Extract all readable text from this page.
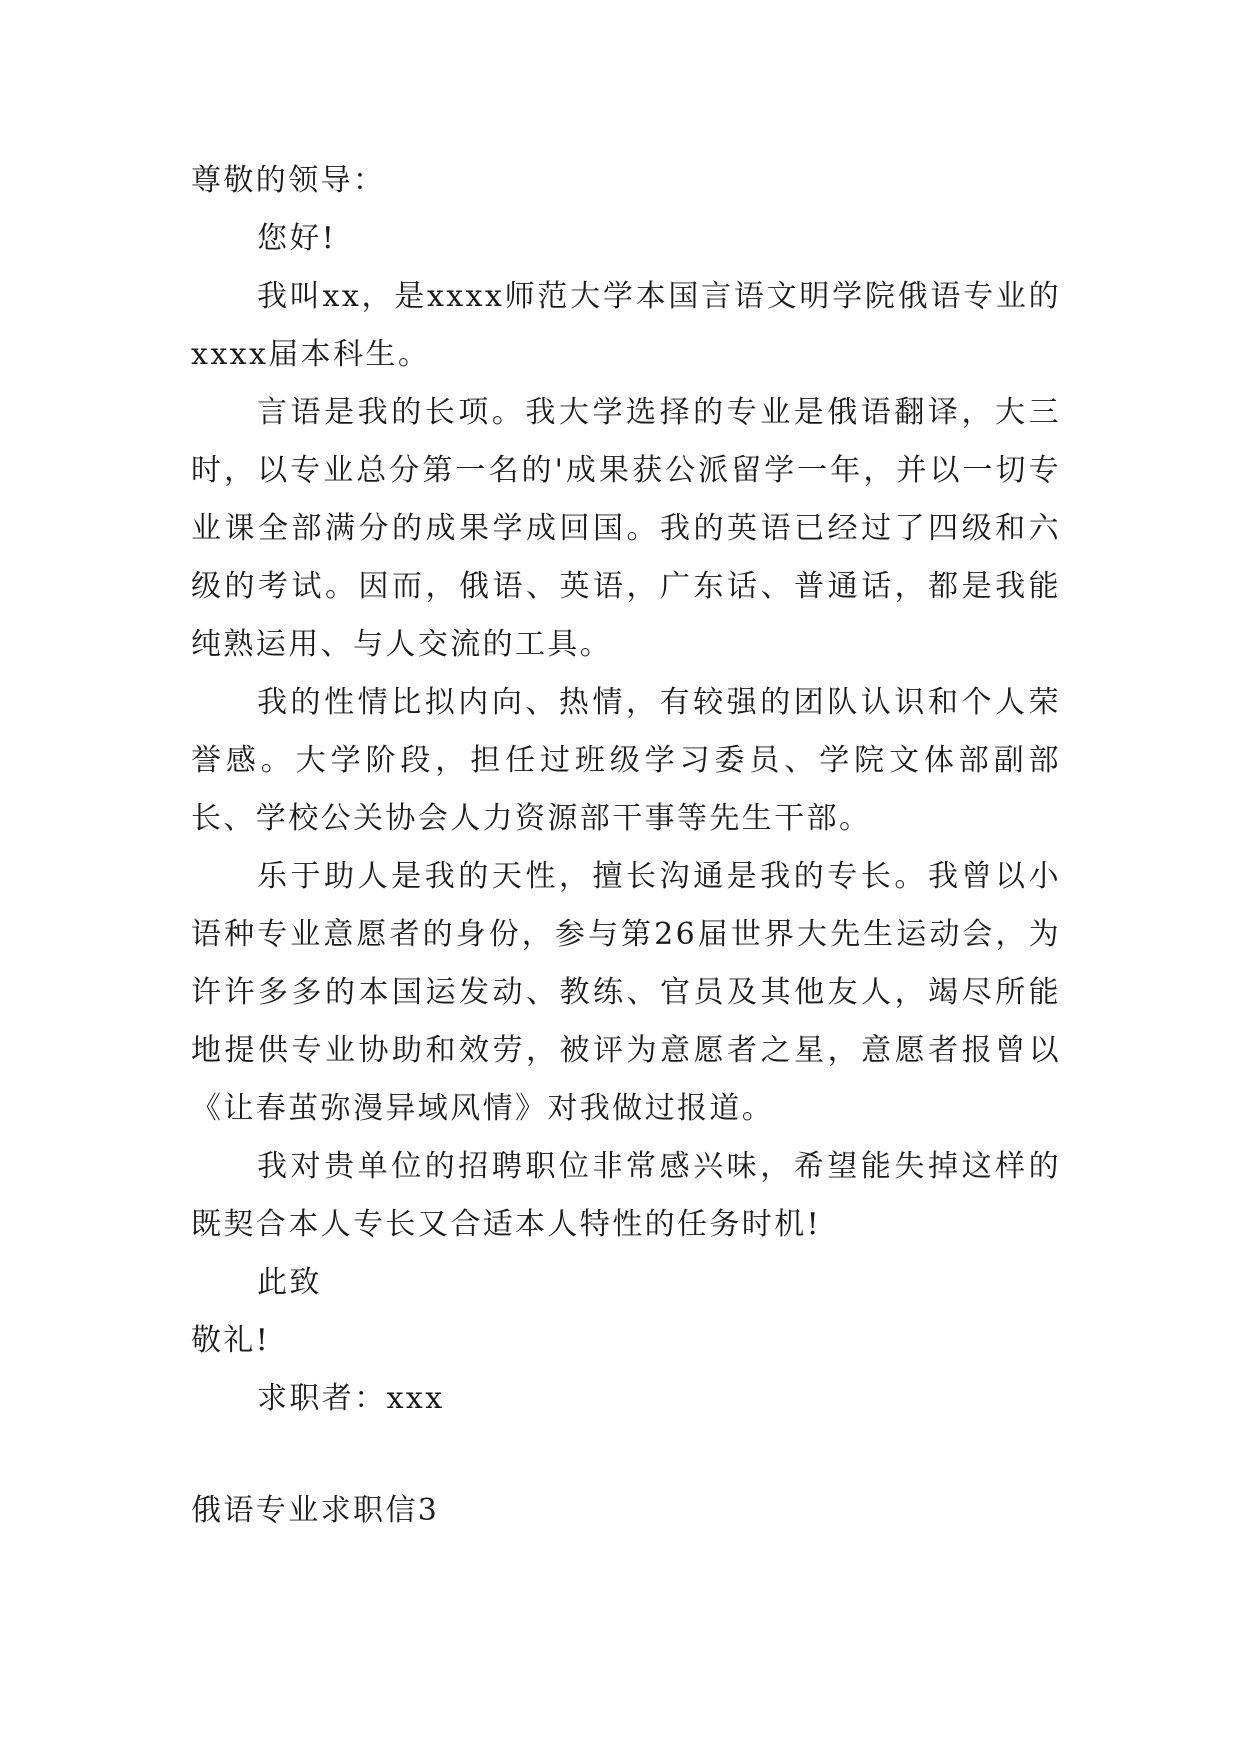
尊敬的领导：

您好!

我叫xx，是xxxx师范大学本国言语文明学院俄语专业的xxxx届本科生。

言语是我的长项。我大学选择的专业是俄语翻译，大三时，以专业总分第一名的'成果获公派留学一年，并以一切专业课全部满分的成果学成回国。我的英语已经过了四级和六级的考试。因而，俄语、英语，广东话、普通话，都是我能纯熟运用、与人交流的工具。

我的性情比拟内向、热情，有较强的团队认识和个人荣誉感。大学阶段，担任过班级学习委员、学院文体部副部长、学校公关协会人力资源部干事等先生干部。

乐于助人是我的天性，擅长沟通是我的专长。我曾以小语种专业意愿者的身份，参与第26届世界大先生运动会，为许许多多的本国运发动、教练、官员及其他友人，竭尽所能地提供专业协助和效劳，被评为意愿者之星，意愿者报曾以《让春茧弥漫异域风情》对我做过报道。

我对贵单位的招聘职位非常感兴味，希望能失掉这样的既契合本人专长又合适本人特性的任务时机!

此致

敬礼!

求职者：xxx

俄语专业求职信3
